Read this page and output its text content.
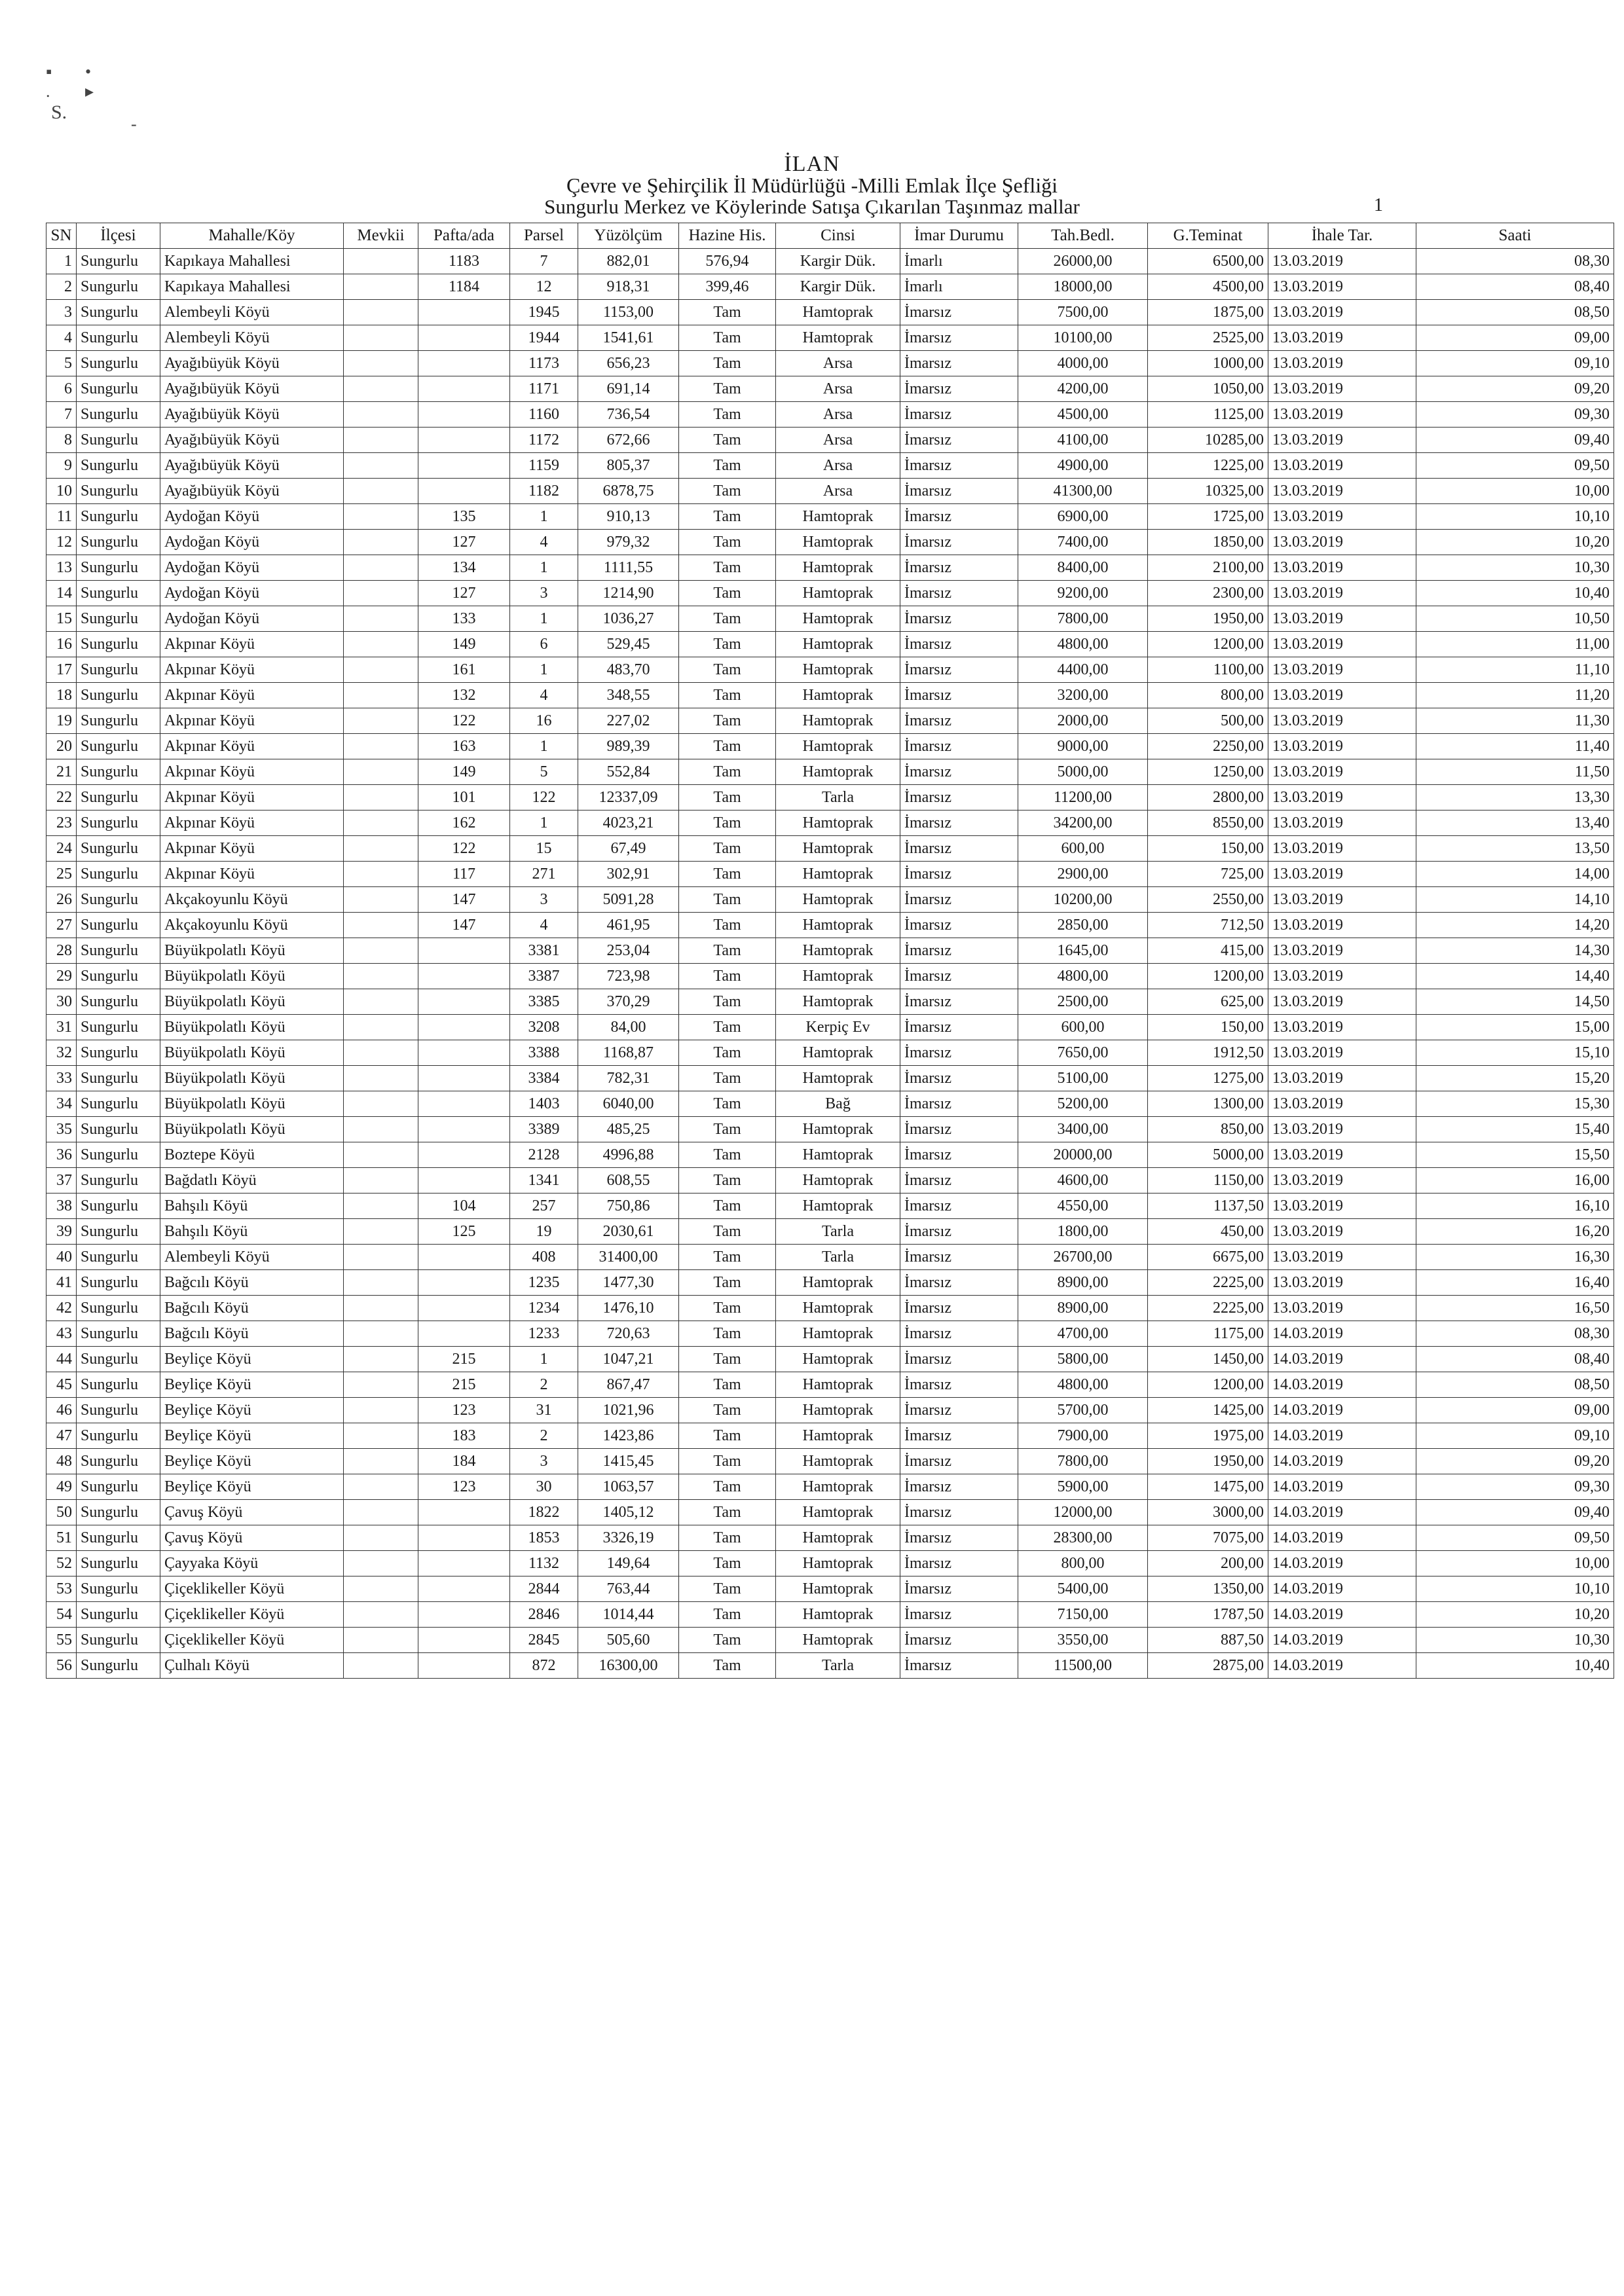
▪ .
• ▸
S.
-
İLAN
Çevre ve Şehirçilik İl Müdürlüğü -Milli Emlak İlçe Şefliği
Sungurlu Merkez ve Köylerinde Satışa Çıkarılan Taşınmaz mallar	1
SN	İlçesi	Mahalle/Köy	Mevkii	Pafta/ada	Parsel	Yüzölçüm	Hazine His.	Cinsi	İmar Durumu	Tah.Bedl.	G.Teminat	İhale Tar.	Saati
1	Sungurlu	Kapıkaya Mahallesi		1183	7	882,01	576,94	Kargir Dük.	İmarlı	26000,00	6500,00	13.03.2019	08,30
2	Sungurlu	Kapıkaya Mahallesi		1184	12	918,31	399,46	Kargir Dük.	İmarlı	18000,00	4500,00	13.03.2019	08,40
3	Sungurlu	Alembeyli Köyü			1945	1153,00	Tam	Hamtoprak	İmarsız	7500,00	1875,00	13.03.2019	08,50
4	Sungurlu	Alembeyli Köyü			1944	1541,61	Tam	Hamtoprak	İmarsız	10100,00	2525,00	13.03.2019	09,00
5	Sungurlu	Ayağıbüyük Köyü			1173	656,23	Tam	Arsa	İmarsız	4000,00	1000,00	13.03.2019	09,10
6	Sungurlu	Ayağıbüyük Köyü			1171	691,14	Tam	Arsa	İmarsız	4200,00	1050,00	13.03.2019	09,20
7	Sungurlu	Ayağıbüyük Köyü			1160	736,54	Tam	Arsa	İmarsız	4500,00	1125,00	13.03.2019	09,30
8	Sungurlu	Ayağıbüyük Köyü			1172	672,66	Tam	Arsa	İmarsız	4100,00	10285,00	13.03.2019	09,40
9	Sungurlu	Ayağıbüyük Köyü			1159	805,37	Tam	Arsa	İmarsız	4900,00	1225,00	13.03.2019	09,50
10	Sungurlu	Ayağıbüyük Köyü			1182	6878,75	Tam	Arsa	İmarsız	41300,00	10325,00	13.03.2019	10,00
11	Sungurlu	Aydoğan Köyü		135	1	910,13	Tam	Hamtoprak	İmarsız	6900,00	1725,00	13.03.2019	10,10
12	Sungurlu	Aydoğan Köyü		127	4	979,32	Tam	Hamtoprak	İmarsız	7400,00	1850,00	13.03.2019	10,20
13	Sungurlu	Aydoğan Köyü		134	1	1111,55	Tam	Hamtoprak	İmarsız	8400,00	2100,00	13.03.2019	10,30
14	Sungurlu	Aydoğan Köyü		127	3	1214,90	Tam	Hamtoprak	İmarsız	9200,00	2300,00	13.03.2019	10,40
15	Sungurlu	Aydoğan Köyü		133	1	1036,27	Tam	Hamtoprak	İmarsız	7800,00	1950,00	13.03.2019	10,50
16	Sungurlu	Akpınar Köyü		149	6	529,45	Tam	Hamtoprak	İmarsız	4800,00	1200,00	13.03.2019	11,00
17	Sungurlu	Akpınar Köyü		161	1	483,70	Tam	Hamtoprak	İmarsız	4400,00	1100,00	13.03.2019	11,10
18	Sungurlu	Akpınar Köyü		132	4	348,55	Tam	Hamtoprak	İmarsız	3200,00	800,00	13.03.2019	11,20
19	Sungurlu	Akpınar Köyü		122	16	227,02	Tam	Hamtoprak	İmarsız	2000,00	500,00	13.03.2019	11,30
20	Sungurlu	Akpınar Köyü		163	1	989,39	Tam	Hamtoprak	İmarsız	9000,00	2250,00	13.03.2019	11,40
21	Sungurlu	Akpınar Köyü		149	5	552,84	Tam	Hamtoprak	İmarsız	5000,00	1250,00	13.03.2019	11,50
22	Sungurlu	Akpınar Köyü		101	122	12337,09	Tam	Tarla	İmarsız	11200,00	2800,00	13.03.2019	13,30
23	Sungurlu	Akpınar Köyü		162	1	4023,21	Tam	Hamtoprak	İmarsız	34200,00	8550,00	13.03.2019	13,40
24	Sungurlu	Akpınar Köyü		122	15	67,49	Tam	Hamtoprak	İmarsız	600,00	150,00	13.03.2019	13,50
25	Sungurlu	Akpınar Köyü		117	271	302,91	Tam	Hamtoprak	İmarsız	2900,00	725,00	13.03.2019	14,00
26	Sungurlu	Akçakoyunlu Köyü		147	3	5091,28	Tam	Hamtoprak	İmarsız	10200,00	2550,00	13.03.2019	14,10
27	Sungurlu	Akçakoyunlu Köyü		147	4	461,95	Tam	Hamtoprak	İmarsız	2850,00	712,50	13.03.2019	14,20
28	Sungurlu	Büyükpolatlı Köyü			3381	253,04	Tam	Hamtoprak	İmarsız	1645,00	415,00	13.03.2019	14,30
29	Sungurlu	Büyükpolatlı Köyü			3387	723,98	Tam	Hamtoprak	İmarsız	4800,00	1200,00	13.03.2019	14,40
30	Sungurlu	Büyükpolatlı Köyü			3385	370,29	Tam	Hamtoprak	İmarsız	2500,00	625,00	13.03.2019	14,50
31	Sungurlu	Büyükpolatlı Köyü			3208	84,00	Tam	Kerpiç Ev	İmarsız	600,00	150,00	13.03.2019	15,00
32	Sungurlu	Büyükpolatlı Köyü			3388	1168,87	Tam	Hamtoprak	İmarsız	7650,00	1912,50	13.03.2019	15,10
33	Sungurlu	Büyükpolatlı Köyü			3384	782,31	Tam	Hamtoprak	İmarsız	5100,00	1275,00	13.03.2019	15,20
34	Sungurlu	Büyükpolatlı Köyü			1403	6040,00	Tam	Bağ	İmarsız	5200,00	1300,00	13.03.2019	15,30
35	Sungurlu	Büyükpolatlı Köyü			3389	485,25	Tam	Hamtoprak	İmarsız	3400,00	850,00	13.03.2019	15,40
36	Sungurlu	Boztepe Köyü			2128	4996,88	Tam	Hamtoprak	İmarsız	20000,00	5000,00	13.03.2019	15,50
37	Sungurlu	Bağdatlı Köyü			1341	608,55	Tam	Hamtoprak	İmarsız	4600,00	1150,00	13.03.2019	16,00
38	Sungurlu	Bahşılı Köyü		104	257	750,86	Tam	Hamtoprak	İmarsız	4550,00	1137,50	13.03.2019	16,10
39	Sungurlu	Bahşılı Köyü		125	19	2030,61	Tam	Tarla	İmarsız	1800,00	450,00	13.03.2019	16,20
40	Sungurlu	Alembeyli Köyü			408	31400,00	Tam	Tarla	İmarsız	26700,00	6675,00	13.03.2019	16,30
41	Sungurlu	Bağcılı Köyü			1235	1477,30	Tam	Hamtoprak	İmarsız	8900,00	2225,00	13.03.2019	16,40
42	Sungurlu	Bağcılı Köyü			1234	1476,10	Tam	Hamtoprak	İmarsız	8900,00	2225,00	13.03.2019	16,50
43	Sungurlu	Bağcılı Köyü			1233	720,63	Tam	Hamtoprak	İmarsız	4700,00	1175,00	14.03.2019	08,30
44	Sungurlu	Beyliçe Köyü		215	1	1047,21	Tam	Hamtoprak	İmarsız	5800,00	1450,00	14.03.2019	08,40
45	Sungurlu	Beyliçe Köyü		215	2	867,47	Tam	Hamtoprak	İmarsız	4800,00	1200,00	14.03.2019	08,50
46	Sungurlu	Beyliçe Köyü		123	31	1021,96	Tam	Hamtoprak	İmarsız	5700,00	1425,00	14.03.2019	09,00
47	Sungurlu	Beyliçe Köyü		183	2	1423,86	Tam	Hamtoprak	İmarsız	7900,00	1975,00	14.03.2019	09,10
48	Sungurlu	Beyliçe Köyü		184	3	1415,45	Tam	Hamtoprak	İmarsız	7800,00	1950,00	14.03.2019	09,20
49	Sungurlu	Beyliçe Köyü		123	30	1063,57	Tam	Hamtoprak	İmarsız	5900,00	1475,00	14.03.2019	09,30
50	Sungurlu	Çavuş Köyü			1822	1405,12	Tam	Hamtoprak	İmarsız	12000,00	3000,00	14.03.2019	09,40
51	Sungurlu	Çavuş Köyü			1853	3326,19	Tam	Hamtoprak	İmarsız	28300,00	7075,00	14.03.2019	09,50
52	Sungurlu	Çayyaka Köyü			1132	149,64	Tam	Hamtoprak	İmarsız	800,00	200,00	14.03.2019	10,00
53	Sungurlu	Çiçeklikeller Köyü			2844	763,44	Tam	Hamtoprak	İmarsız	5400,00	1350,00	14.03.2019	10,10
54	Sungurlu	Çiçeklikeller Köyü			2846	1014,44	Tam	Hamtoprak	İmarsız	7150,00	1787,50	14.03.2019	10,20
55	Sungurlu	Çiçeklikeller Köyü			2845	505,60	Tam	Hamtoprak	İmarsız	3550,00	887,50	14.03.2019	10,30
56	Sungurlu	Çulhalı Köyü			872	16300,00	Tam	Tarla	İmarsız	11500,00	2875,00	14.03.2019	10,40
